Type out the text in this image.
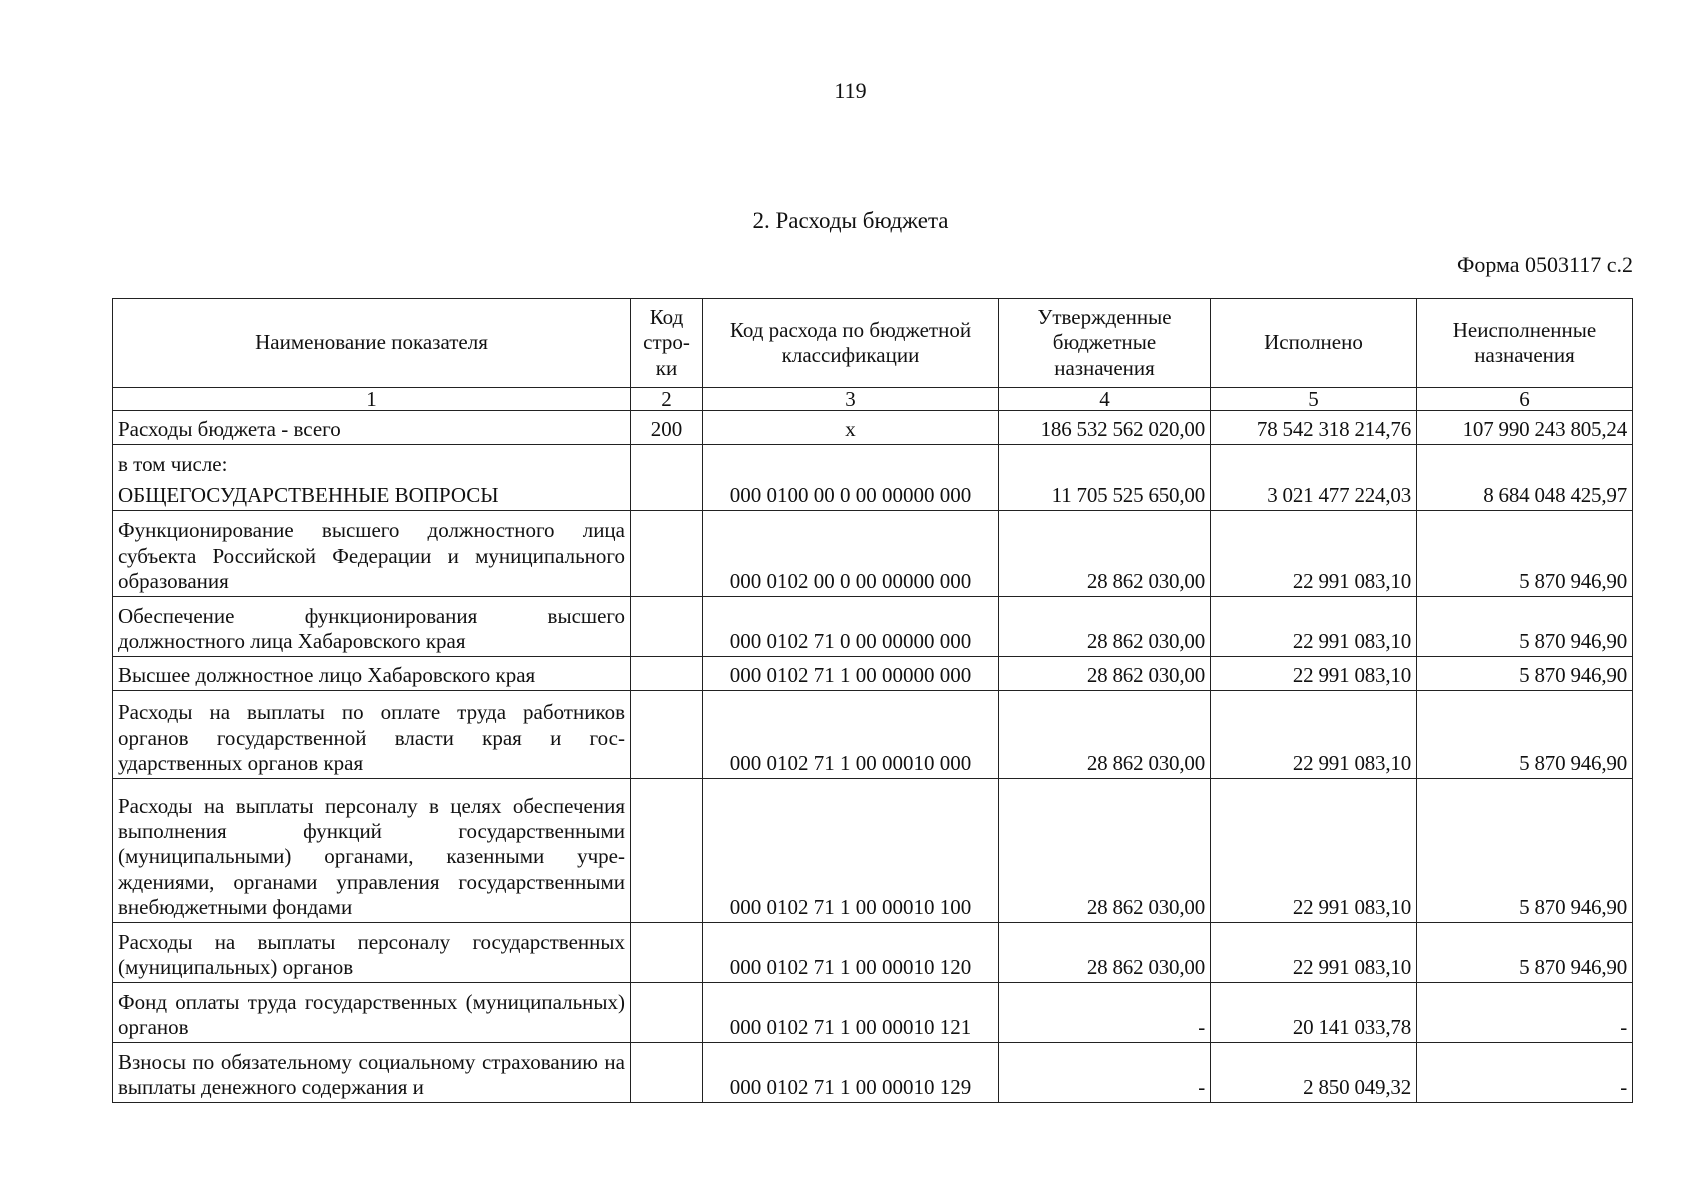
119
2. Расходы бюджета
Форма 0503117 с.2
Наименование показателя	Код стро-ки	Код расхода по бюджетной классификации	Утвержденные бюджетные назначения	Исполнено	Неисполненные назначения
1	2	3	4	5	6
Расходы бюджета - всего	200	x	186 532 562 020,00	78 542 318 214,76	107 990 243 805,24

в том числе:
ОБЩЕГОСУДАРСТВЕННЫЕ ВОПРОСЫ		000 0100 00 0 00 00000 000	11 705 525 650,00	3 021 477 224,03	8 684 048 425,97
Функционирование высшего должностного лица субъекта Российской Федерации и муниципального образования		000 0102 00 0 00 00000 000	28 862 030,00	22 991 083,10	5 870 946,90
Обеспечение функционирования высшего должностного лица Хабаровского края		000 0102 71 0 00 00000 000	28 862 030,00	22 991 083,10	5 870 946,90
Высшее должностное лицо Хабаровского края		000 0102 71 1 00 00000 000	28 862 030,00	22 991 083,10	5 870 946,90
Расходы на выплаты по оплате труда работников органов государственной власти края и государственных органов края		000 0102 71 1 00 00010 000	28 862 030,00	22 991 083,10	5 870 946,90
Расходы на выплаты персоналу в целях обеспечения выполнения функций государственными (муниципальными) органами, казенными учреждениями, органами управления государственными внебюджетными фондами		000 0102 71 1 00 00010 100	28 862 030,00	22 991 083,10	5 870 946,90
Расходы на выплаты персоналу государственных (муниципальных) органов		000 0102 71 1 00 00010 120	28 862 030,00	22 991 083,10	5 870 946,90
Фонд оплаты труда государственных (муниципальных) органов		000 0102 71 1 00 00010 121	-	20 141 033,78	-
Взносы по обязательному социальному страхованию на выплаты денежного содержания и		000 0102 71 1 00 00010 129	-	2 850 049,32	-
